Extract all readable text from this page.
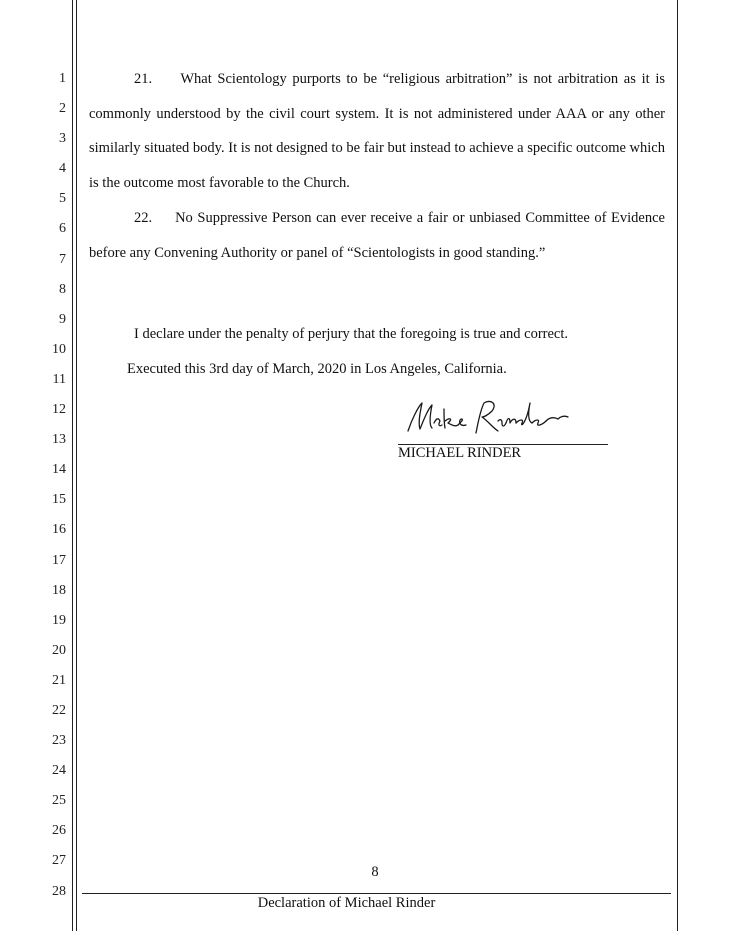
1
2
3
4
5
6
7
8
9
10
11
12
13
14
15
16
17
18
19
20
21
22
23
24
25
26
27
28

21. What Scientology purports to be “religious arbitration” is not arbitration as it is commonly understood by the civil court system. It is not administered under AAA or any other similarly situated body. It is not designed to be fair but instead to achieve a specific outcome which is the outcome most favorable to the Church.

22. No Suppressive Person can ever receive a fair or unbiased Committee of Evidence before any Convening Authority or panel of “Scientologists in good standing.”

I declare under the penalty of perjury that the foregoing is true and correct.

Executed this 3rd day of March, 2020 in Los Angeles, California.

MICHAEL RINDER

8

Declaration of Michael Rinder
